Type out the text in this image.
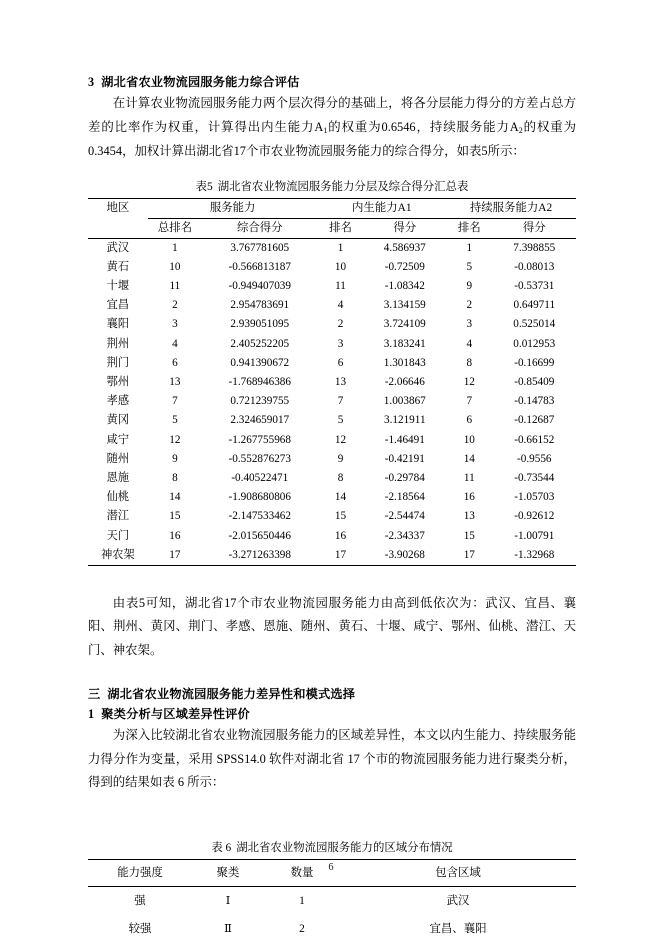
3 湖北省农业物流园服务能力综合评估

在计算农业物流园服务能力两个层次得分的基础上，将各分层能力得分的方差占总方差的比率作为权重，计算得出内生能力$A_1$的权重为0.6546，持续服务能力$A_2$的权重为0.3454，加权计算出湖北省17个市农业物流园服务能力的综合得分，如表5所示：

表5 湖北省农业物流园服务能力分层及综合得分汇总表
地区	服务能力		内生能力A1		持续服务能力A2	
	总排名	综合得分	排名	得分	排名	得分
武汉	1	3.767781605	1	4.586937	1	7.398855
黄石	10	-0.566813187	10	-0.72509	5	-0.08013
十堰	11	-0.949407039	11	-1.08342	9	-0.53731
宜昌	2	2.954783691	4	3.134159	2	0.649711
襄阳	3	2.939051095	2	3.724109	3	0.525014
荆州	4	2.405252205	3	3.183241	4	0.012953
荆门	6	0.941390672	6	1.301843	8	-0.16699
鄂州	13	-1.768946386	13	-2.06646	12	-0.85409
孝感	7	0.721239755	7	1.003867	7	-0.14783
黄冈	5	2.324659017	5	3.121911	6	-0.12687
咸宁	12	-1.267755968	12	-1.46491	10	-0.66152
随州	9	-0.552876273	9	-0.42191	14	-0.9556
恩施	8	-0.40522471	8	-0.29784	11	-0.73544
仙桃	14	-1.908680806	14	-2.18564	16	-1.05703
潜江	15	-2.147533462	15	-2.54474	13	-0.92612
天门	16	-2.015650446	16	-2.34337	15	-1.00791
神农架	17	-3.271263398	17	-3.90268	17	-1.32968

由表5可知，湖北省17个市农业物流园服务能力由高到低依次为：武汉、宜昌、襄阳、荆州、黄冈、荆门、孝感、恩施、随州、黄石、十堰、咸宁、鄂州、仙桃、潜江、天门、神农架。

三 湖北省农业物流园服务能力差异性和模式选择
1 聚类分析与区域差异性评价

为深入比较湖北省农业物流园服务能力的区域差异性，本文以内生能力、持续服务能力得分作为变量，采用 SPSS14.0 软件对湖北省 17 个市的物流园服务能力进行聚类分析，得到的结果如表 6 所示：

表 6 湖北省农业物流园服务能力的区域分布情况
能力强度	聚类	数量	包含区域
强	Ⅰ	1	武汉
较强	Ⅱ	2	宜昌、襄阳
6
